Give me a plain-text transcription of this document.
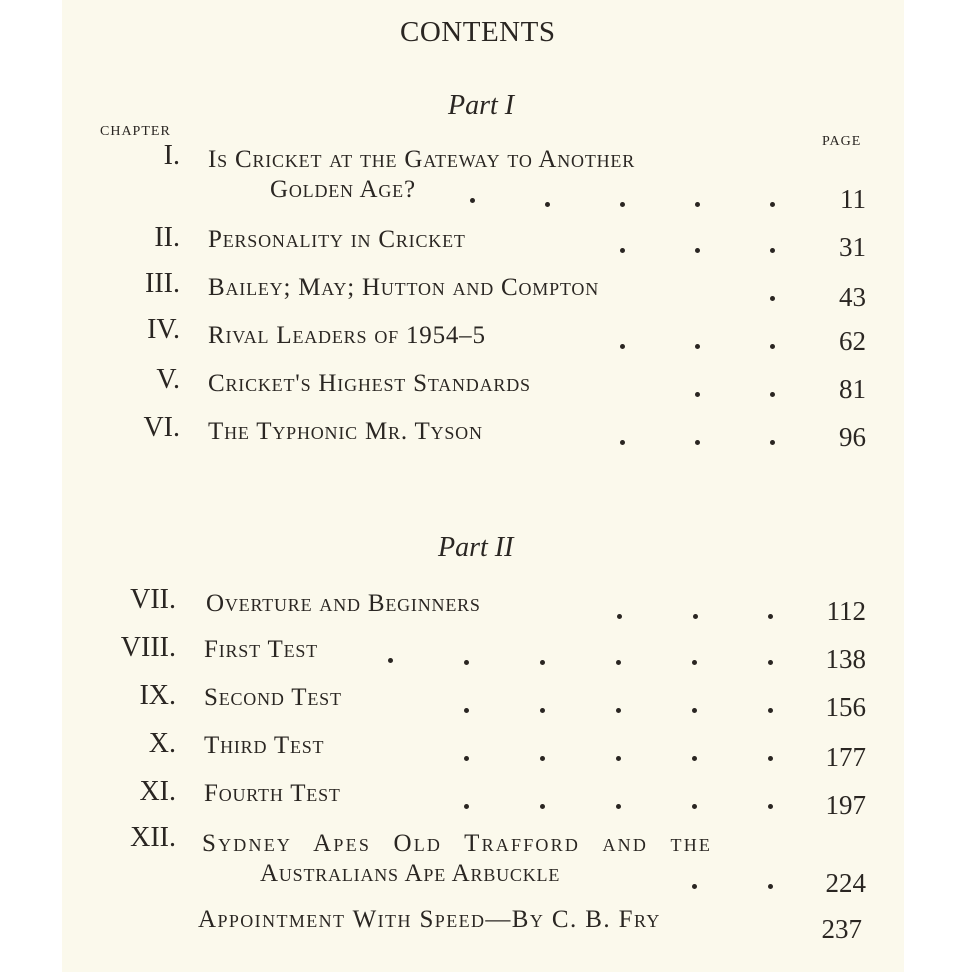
CONTENTS
Part I
CHAPTER
PAGE
I. Is Cricket at the Gateway to Another
Golden Age?	11
II. Personality in Cricket	31
III. Bailey; May; Hutton and Compton	43
IV. Rival Leaders of 1954–5	62
V. Cricket's Highest Standards	81
VI. The Typhonic Mr. Tyson	96
Part II
VII. Overture and Beginners	112
VIII. First Test	138
IX. Second Test	156
X. Third Test	177
XI. Fourth Test	197
XII. Sydney Apes Old Trafford and the
Australians Ape Arbuckle	224
Appointment With Speed—By C. B. Fry	237
